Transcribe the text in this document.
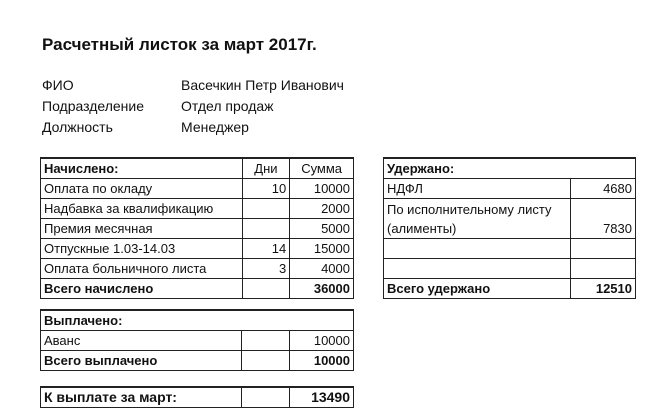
Расчетный листок за март 2017г.
ФИО	Васечкин Петр Иванович
Подразделение	Отдел продаж
Должность	Менеджер
Начислено:	Дни	Сумма
Оплата по окладу	10	10000
Надбавка за квалификацию		2000
Премия месячная		5000
Отпускные 1.03-14.03	14	15000
Оплата больничного листа	3	4000
Всего начислено		36000
Удержано:	
НДФЛ	4680

По исполнительному листу
(алименты)	7830

Всего удержано	12510
Выплачено:		
Аванс		10000
Всего выплачено		10000
К выплате за март:		13490
